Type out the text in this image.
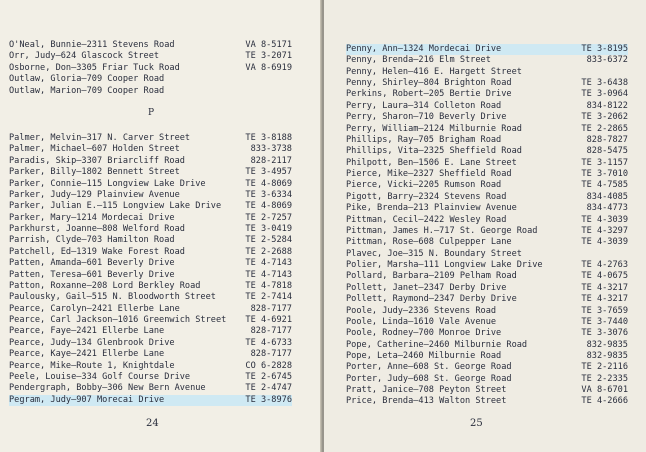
O'Neal, Bunnie—2311 Stevens Road	VA 8-5171
Orr, Judy—624 Glascock Street	TE 3-2071
Osborne, Don—3305 Friar Tuck Road	VA 8-6919
Outlaw, Gloria—709 Cooper Road
Outlaw, Marion—709 Cooper Road
P
Palmer, Melvin—317 N. Carver Street	TE 3-8188
Palmer, Michael—607 Holden Street	833-3738
Paradis, Skip—3307 Briarcliff Road	828-2117
Parker, Billy—1802 Bennett Street	TE 3-4957
Parker, Connie—115 Longview Lake Drive	TE 4-8069
Parker, Judy—129 Plainview Avenue	TE 3-6334
Parker, Julian E.—115 Longview Lake Drive	TE 4-8069
Parker, Mary—1214 Mordecai Drive	TE 2-7257
Parkhurst, Joanne—808 Welford Road	TE 3-0419
Parrish, Clyde—703 Hamilton Road	TE 2-5284
Patchell, Ed—1319 Wake Forest Road	TE 2-2688
Patten, Amanda—601 Beverly Drive	TE 4-7143
Patten, Teresa—601 Beverly Drive	TE 4-7143
Patton, Roxanne—208 Lord Berkley Road	TE 4-7818
Paulousky, Gail—515 N. Bloodworth Street	TE 2-7414
Pearce, Carolyn—2421 Ellerbe Lane	828-7177
Pearce, Carl Jackson—1016 Greenwich Street TE 4-6921
Pearce, Faye—2421 Ellerbe Lane	828-7177
Pearce, Judy—134 Glenbrook Drive	TE 4-6733
Pearce, Kaye—2421 Ellerbe Lane	828-7177
Pearce, Mike—Route 1, Knightdale	CO 6-2828
Peele, Louise—334 Golf Course Drive	TE 2-6745
Pendergraph, Bobby—306 New Bern Avenue	TE 2-4747
Pegram, Judy—907 Morecai Drive	TE 3-8976
24
Penny, Ann—1324 Mordecai Drive	TE 3-8195
Penny, Brenda—216 Elm Street	833-6372
Penny, Helen—416 E. Hargett Street
Penny, Shirley—804 Brighton Road	TE 3-6438
Perkins, Robert—205 Bertie Drive	TE 3-0964
Perry, Laura—314 Colleton Road	834-8122
Perry, Sharon—710 Beverly Drive	TE 3-2062
Perry, William—2124 Milburnie Road	TE 2-2865
Phillips, Ray—705 Brigham Road	828-7827
Phillips, Vita—2325 Sheffield Road	828-5475
Philpott, Ben—1506 E. Lane Street	TE 3-1157
Pierce, Mike—2327 Sheffield Road	TE 3-7010
Pierce, Vicki—2205 Rumson Road	TE 4-7585
Pigott, Barry—2324 Stevens Road	834-4085
Pike, Brenda—213 Plainview Avenue	834-4773
Pittman, Cecil—2422 Wesley Road	TE 4-3039
Pittman, James H.—717 St. George Road	TE 4-3297
Pittman, Rose—608 Culpepper Lane	TE 4-3039
Plavec, Joe—315 N. Boundary Street
Polier, Marsha—111 Longview Lake Drive	TE 4-2763
Pollard, Barbara—2109 Pelham Road	TE 4-0675
Pollett, Janet—2347 Derby Drive	TE 4-3217
Pollett, Raymond—2347 Derby Drive	TE 4-3217
Poole, Judy—2336 Stevens Road	TE 3-7659
Poole, Linda—1610 Vale Avenue	TE 3-7440
Poole, Rodney—700 Monroe Drive	TE 3-3076
Pope, Catherine—2460 Milburnie Road	832-9835
Pope, Leta—2460 Milburnie Road	832-9835
Porter, Anne—608 St. George Road	TE 2-2116
Porter, Judy—608 St. George Road	TE 2-2335
Pratt, Janice—708 Peyton Street	VA 8-6701
Price, Brenda—413 Walton Street	TE 4-2666
25
